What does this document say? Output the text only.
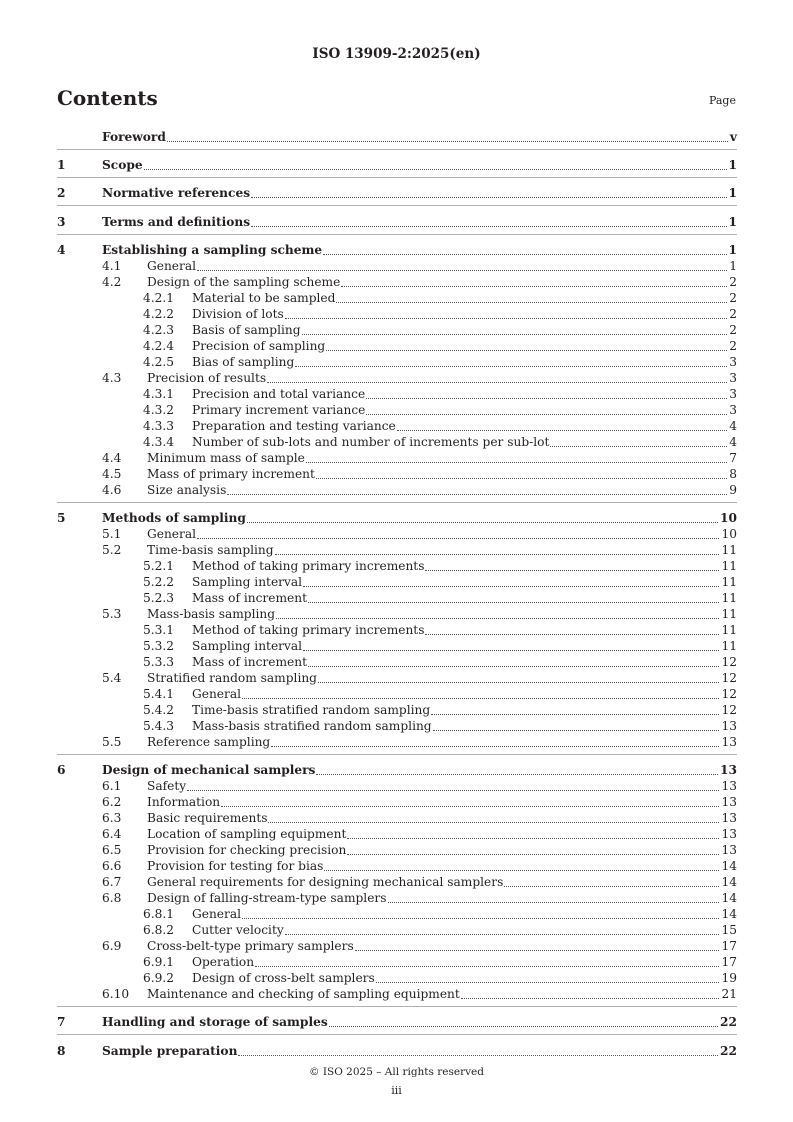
ISO 13909-2:2025(en)
Contents	Page
Foreword	v
1	Scope	1
2	Normative references	1
3	Terms and definitions	1
4	Establishing a sampling scheme	1
4.1	General	1
4.2	Design of the sampling scheme	2
4.2.1	Material to be sampled	2
4.2.2	Division of lots	2
4.2.3	Basis of sampling	2
4.2.4	Precision of sampling	2
4.2.5	Bias of sampling	3
4.3	Precision of results	3
4.3.1	Precision and total variance	3
4.3.2	Primary increment variance	3
4.3.3	Preparation and testing variance	4
4.3.4	Number of sub-lots and number of increments per sub-lot	4
4.4	Minimum mass of sample	7
4.5	Mass of primary increment	8
4.6	Size analysis	9
5	Methods of sampling	10
5.1	General	10
5.2	Time-basis sampling	11
5.2.1	Method of taking primary increments	11
5.2.2	Sampling interval	11
5.2.3	Mass of increment	11
5.3	Mass-basis sampling	11
5.3.1	Method of taking primary increments	11
5.3.2	Sampling interval	11
5.3.3	Mass of increment	12
5.4	Stratified random sampling	12
5.4.1	General	12
5.4.2	Time-basis stratified random sampling	12
5.4.3	Mass-basis stratified random sampling	13
5.5	Reference sampling	13
6	Design of mechanical samplers	13
6.1	Safety	13
6.2	Information	13
6.3	Basic requirements	13
6.4	Location of sampling equipment	13
6.5	Provision for checking precision	13
6.6	Provision for testing for bias	14
6.7	General requirements for designing mechanical samplers	14
6.8	Design of falling-stream-type samplers	14
6.8.1	General	14
6.8.2	Cutter velocity	15
6.9	Cross-belt-type primary samplers	17
6.9.1	Operation	17
6.9.2	Design of cross-belt samplers	19
6.10	Maintenance and checking of sampling equipment	21
7	Handling and storage of samples	22
8	Sample preparation	22
© ISO 2025 – All rights reserved
iii
